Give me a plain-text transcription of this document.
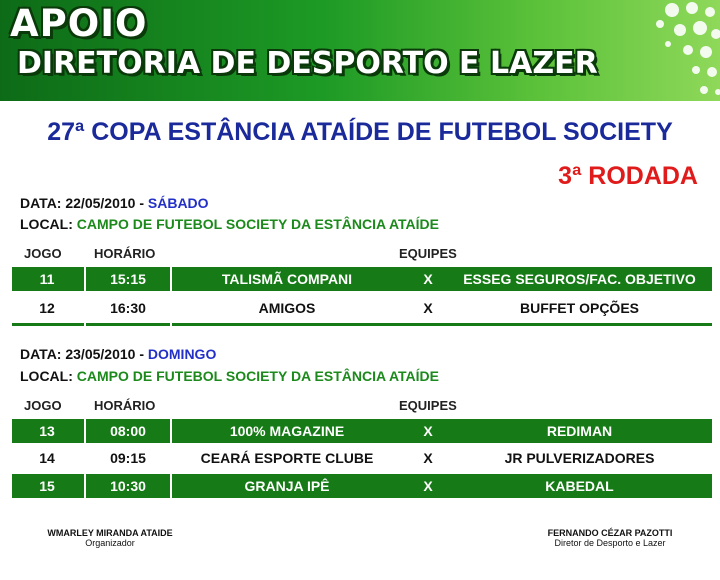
APOIO
DIRETORIA DE DESPORTO E LAZER
27ª COPA ESTÂNCIA ATAÍDE DE FUTEBOL SOCIETY
3ª RODADA
DATA: 22/05/2010 - SÁBADO
LOCAL: CAMPO DE FUTEBOL SOCIETY DA ESTÂNCIA ATAÍDE
JOGO HORÁRIO	EQUIPES
11	15:15	TALISMÃ COMPANI	X	ESSEG SEGUROS/FAC. OBJETIVO
12	16:30	AMIGOS	X	BUFFET OPÇÕES
DATA: 23/05/2010 - DOMINGO
LOCAL: CAMPO DE FUTEBOL SOCIETY DA ESTÂNCIA ATAÍDE
JOGO HORÁRIO	EQUIPES
13	08:00	100% MAGAZINE	X	REDIMAN
14	09:15	CEARÁ ESPORTE CLUBE	X	JR PULVERIZADORES
15	10:30	GRANJA IPÊ	X	KABEDAL
WMARLEY MIRANDA ATAIDE
Organizador
FERNANDO CÉZAR PAZOTTI
Diretor de Desporto e Lazer
